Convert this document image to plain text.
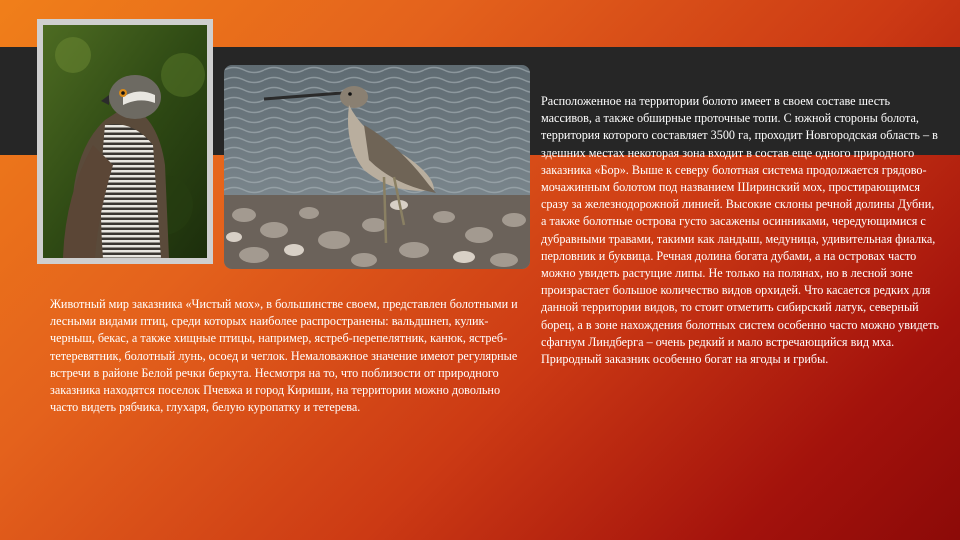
Животный мир заказника «Чистый мох», в большинстве своем, представлен болотными и лесными видами птиц, среди которых наиболее распространены: вальдшнеп, кулик-черныш, бекас, а также хищные птицы, например, ястреб-перепелятник, канюк, ястреб-тетеревятник, болотный лунь, осоед и чеглок. Немаловажное значение имеют регулярные встречи в районе Белой речки беркута. Несмотря на то, что поблизости от природного заказника находятся поселок Пчевжа и город Кириши, на территории можно довольно часто видеть рябчика, глухаря, белую куропатку и тетерева.
Расположенное на территории болото имеет в своем составе шесть массивов, а также обширные проточные топи. С южной стороны болота, территория которого составляет 3500 га, проходит Новгородская область – в здешних местах некоторая зона входит в состав еще одного природного заказника «Бор». Выше к северу болотная система продолжается грядово-мочажинным болотом под названием Ширинский мох, простирающимся сразу за железнодорожной линией. Высокие склоны речной долины Дубни, а также болотные острова густо засажены осинниками, чередующимися с дубравными травами, такими как ландыш, медуница, удивительная фиалка, перловник и буквица. Речная долина богата дубами, а на островах часто можно увидеть растущие липы. Не только на полянах, но в лесной зоне произрастает большое количество видов орхидей. Что касается редких для данной территории видов, то стоит отметить сибирский латук, северный борец, а в зоне нахождения болотных систем особенно часто можно увидеть сфагнум Линдберга – очень редкий и мало встречающийся вид мха. Природный заказник особенно богат на ягоды и грибы.
